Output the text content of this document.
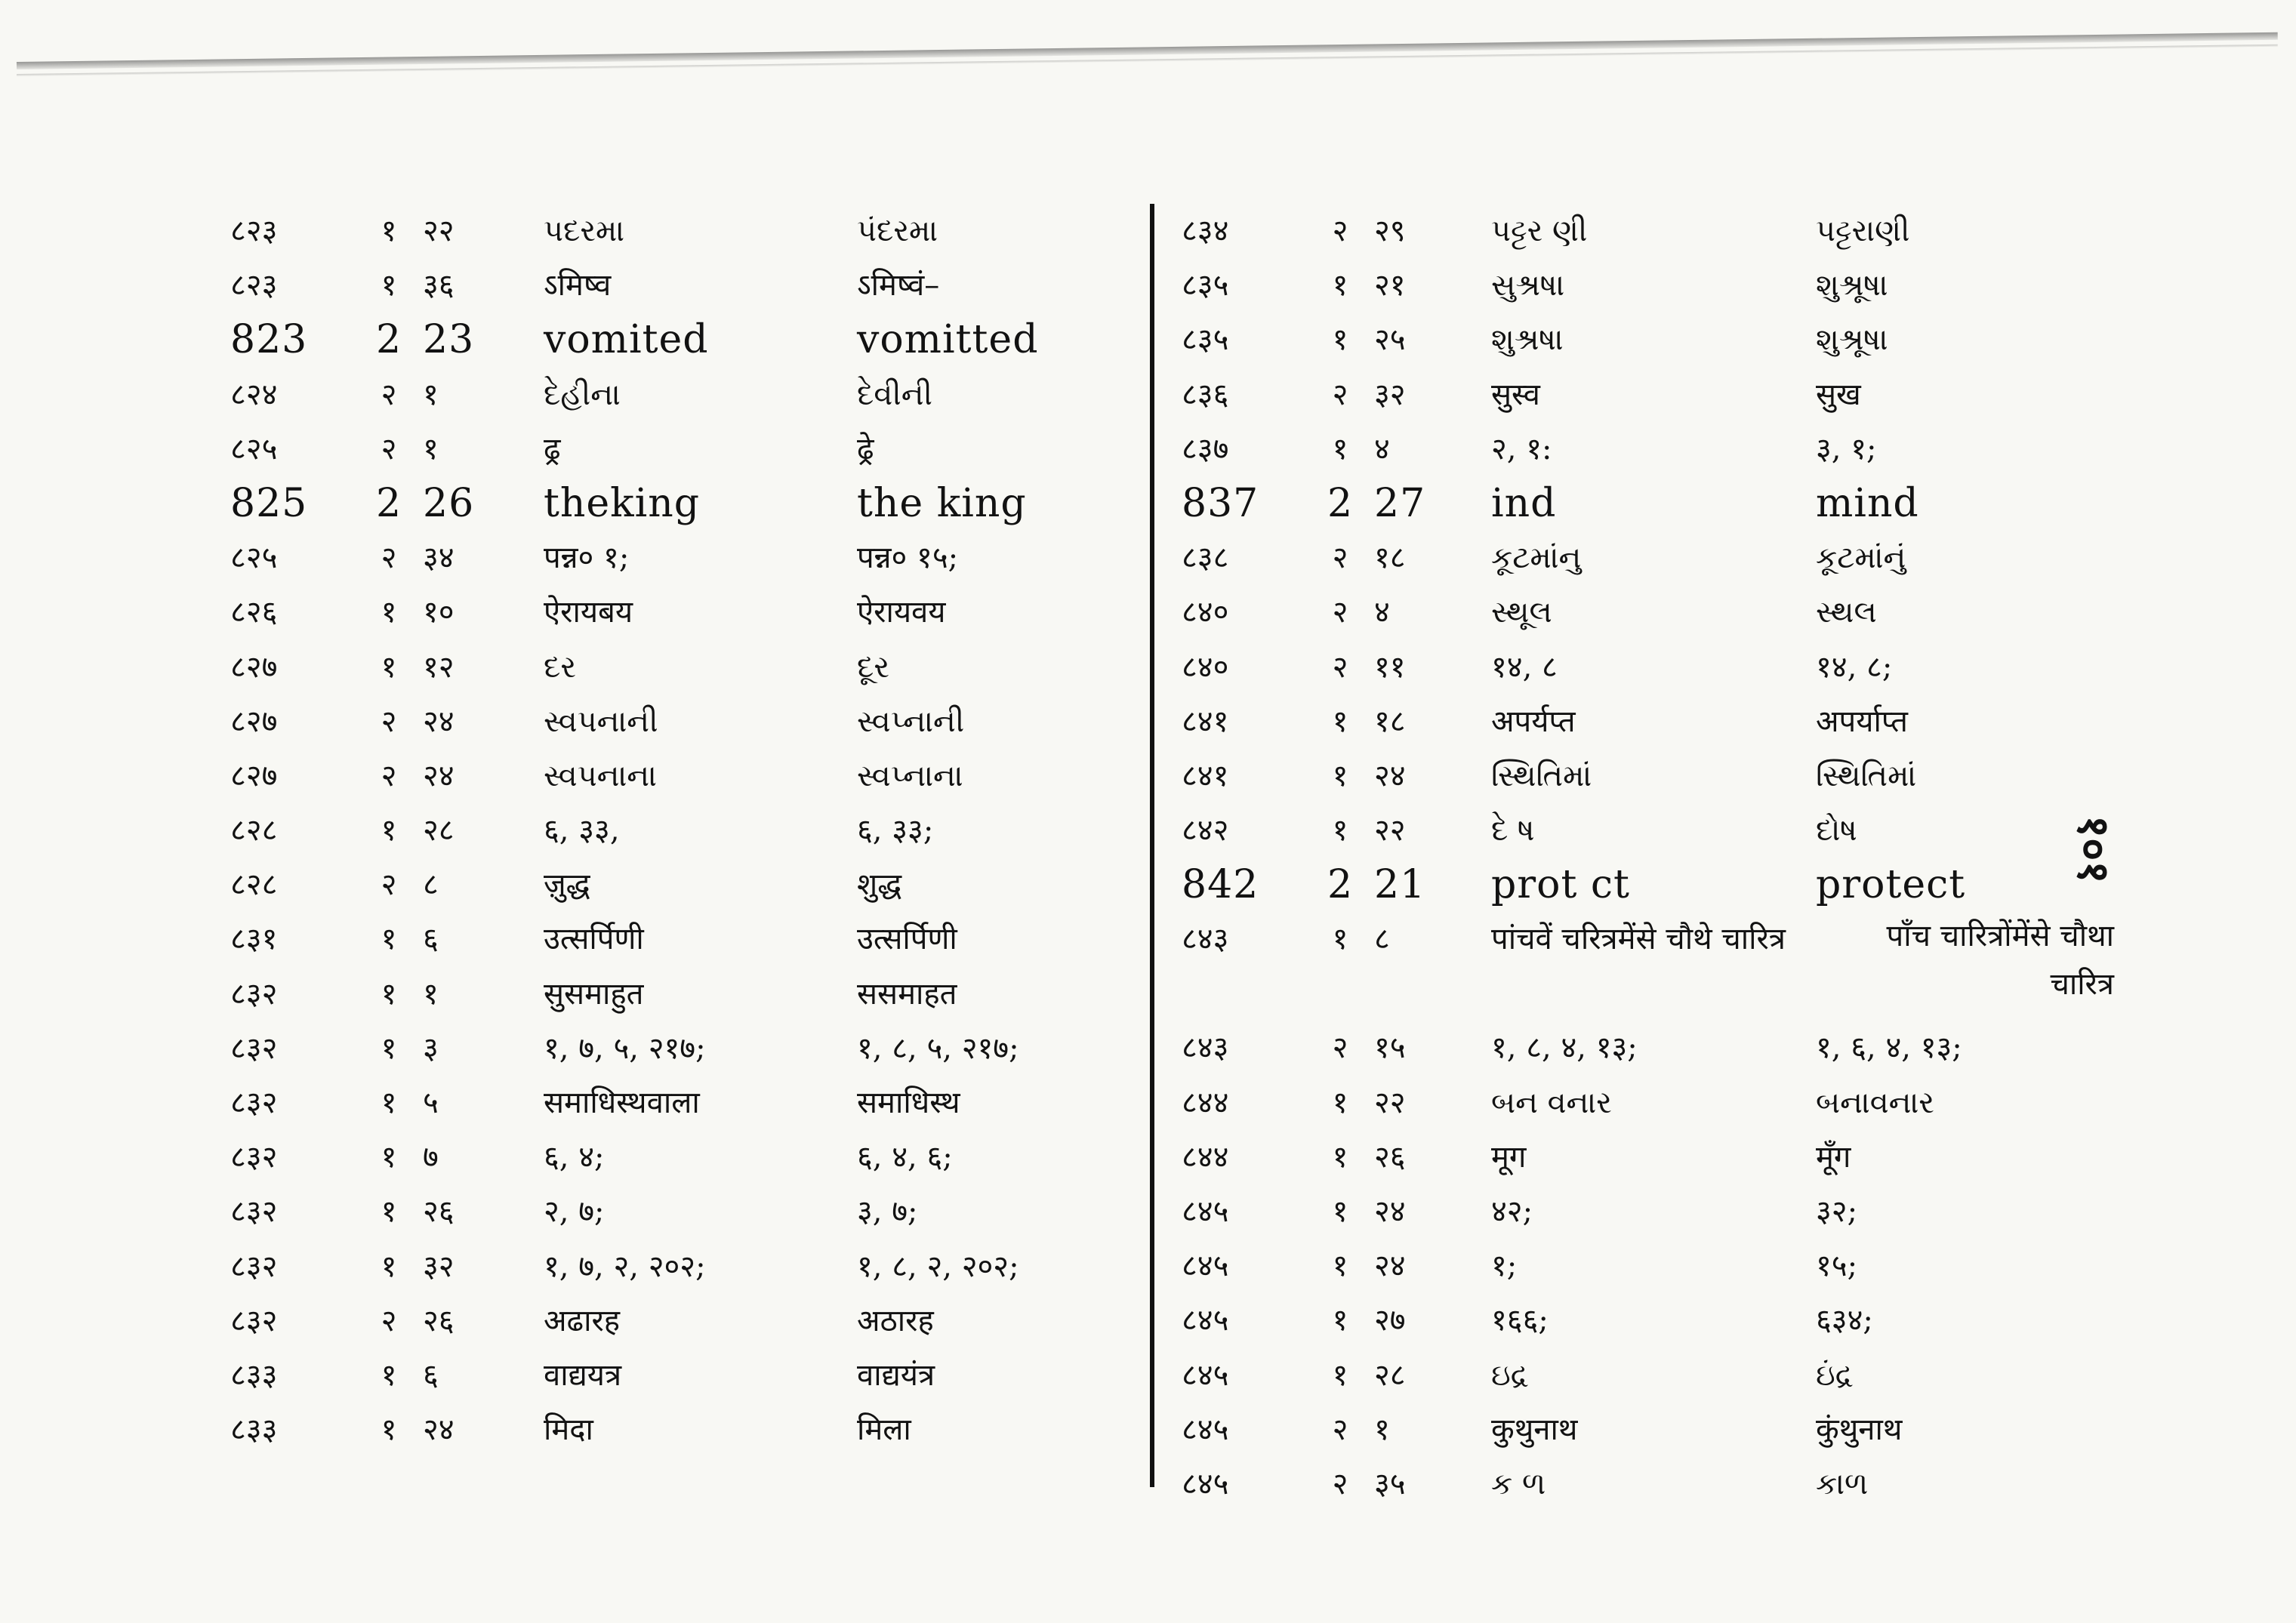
१०१
८२३	१ २२	પદરમા	પંદરમા
८२३	१ ३६	ऽमिष्व	ऽमिष्वं–
823	2 23	vomited	vomitted
८२४	२ १	દેહીના	દેવીની
८२५	२ १	ढ्र	ढ्रे
825	2 26	theking	the king
८२५	२ ३४	पन्न० १;	पन्न० १५;
८२६	१ १०	ऐरायबय	ऐरायवय
८२७	१ १२	દર	દૂર
८२७	२ २४	સ્વપનાની	સ્વપ્નાની
८२७	२ २४	સ્વપનાના	સ્વપ્નાના
८२८	१ २८	६, ३३,	६, ३३;
८२८	२ ८	ज़ुद्ध	शुद्ध
८३१	१ ६	उत्सर्पिणी	उत्सर्पिणी
८३२	१ १	सुसमाहुत	ससमाहत
८३२	१ ३	१, ७, ५, २१७;	१, ८, ५, २१७;
८३२	१ ५	समाधिस्थवाला	समाधिस्थ
८३२	१ ७	६, ४;	६, ४, ६;
८३२	१ २६	२, ७;	३, ७;
८३२	१ ३२	१, ७, २, २०२;	१, ८, २, २०२;
८३२	२ २६	अढारह	अठारह
८३३	१ ६	वाद्ययत्र	वाद्ययंत्र
८३३	१ २४	मिदा	मिला
८३४	२ २९	પટ્ટર ણી	પટ્ટરાણી
८३५	१ २१	સુશ્રષા	શુશ્રૂષા
८३५	१ २५	શુશ્રષા	શુશ્રૂષા
८३६	२ ३२	सुस्व	सुख
८३७	१ ४	२, १:	३, १;
837	2 27	ind	mind
८३८	२ १८	કૂટમાંનુ	કૂટમાંનું
८४०	२ ४	સ્થૂલ	સ્થલ
८४०	२ ११	१४, ८	१४, ८;
८४१	१ १८	अपर्यप्त	अपर्याप्त
८४१	१ २४	સ્થિતિમાં	સ્થિતિમાં
८४२	१ २२	દે ષ	દોષ
842	2 21	prot ct	protect
८४३	१ ८	पांचवें चरित्रमेंसे चौथे चारित्र	पाँच चारित्रोंमेंसे चौथा चारित्र
८४३	२ १५	१, ८, ४, १३;	१, ६, ४, १३;
८४४	१ २२	બન વનાર	બનાવનાર
८४४	१ २६	मूग	मूँग
८४५	१ २४	४२;	३२;
८४५	१ २४	१;	१५;
८४५	१ २७	१६६;	६३४;
८४५	१ २८	ઇદ્ર	ઇંદ્ર
८४५	२ १	कुथुनाथ	कुंथुनाथ
८४५	२ ३५	ક ળ	કાળ
